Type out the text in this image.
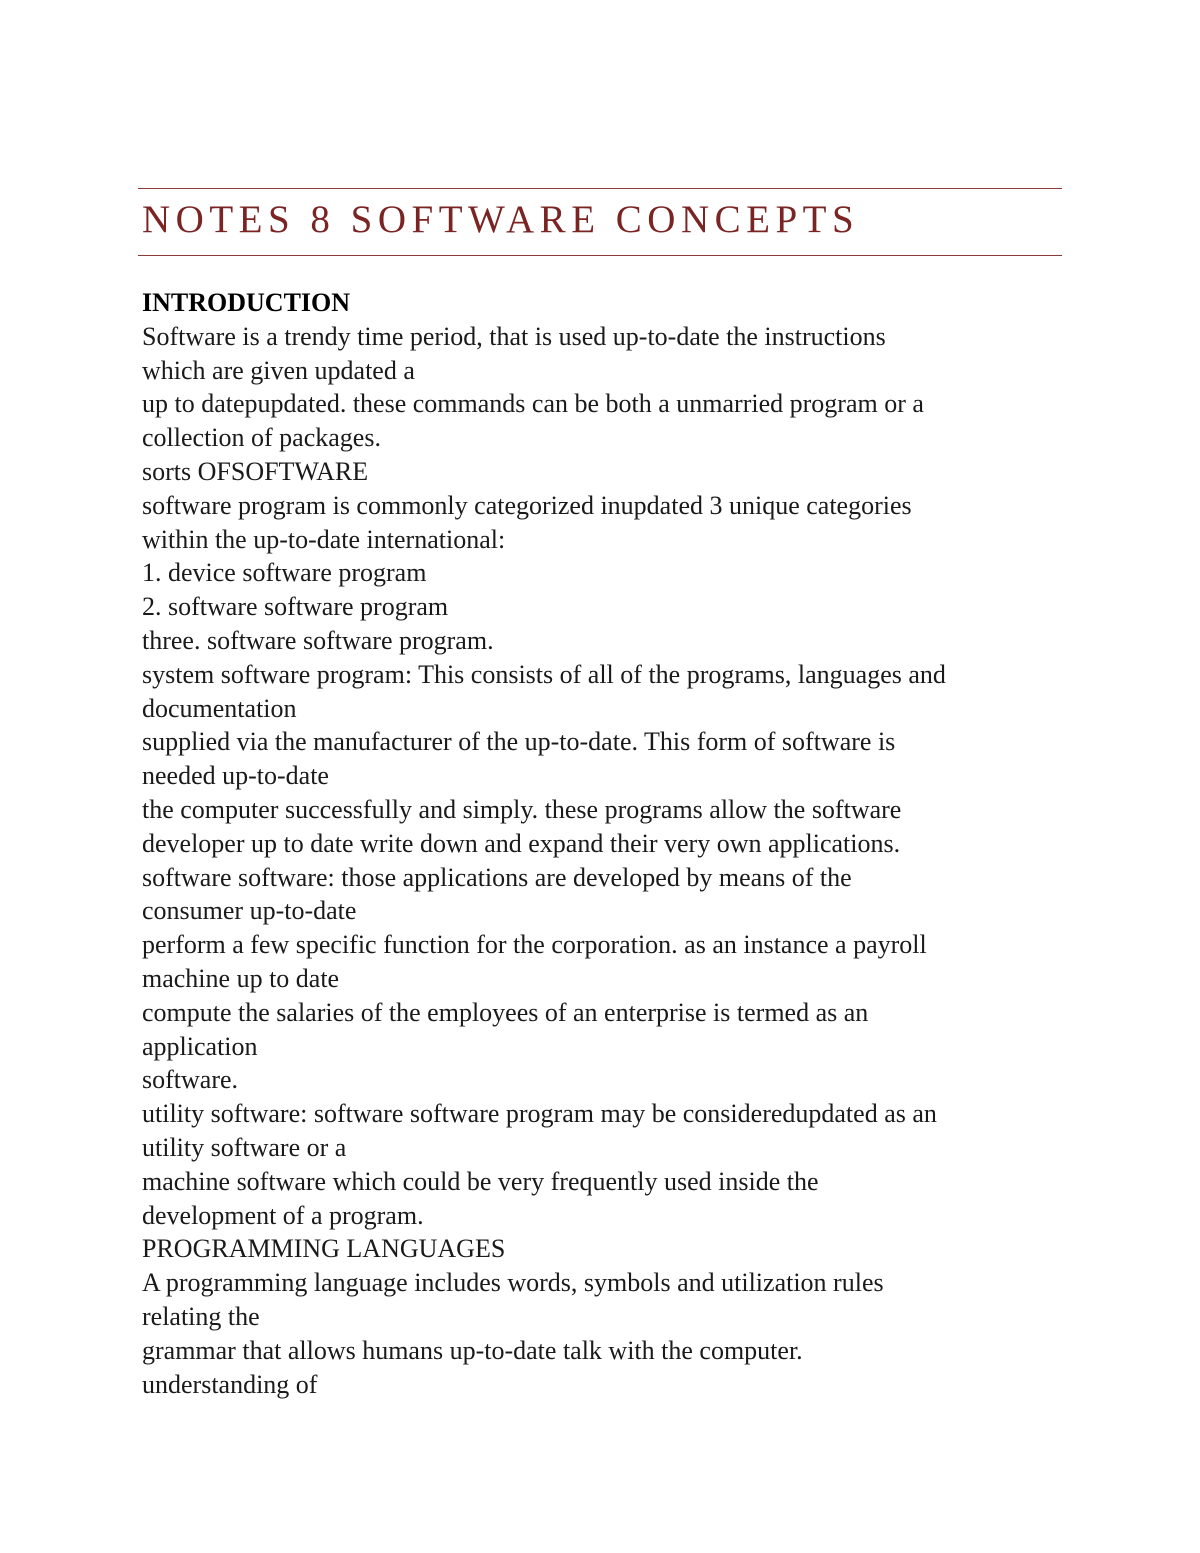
NOTES 8 SOFTWARE CONCEPTS
INTRODUCTION
Software is a trendy time period, that is used up-to-date the instructions
which are given updated a
up to datepupdated. these commands can be both a unmarried program or a
collection of packages.
sorts OFSOFTWARE
software program is commonly categorized inupdated 3 unique categories
within the up-to-date international:
1. device software program
2. software software program
three. software software program.
system software program: This consists of all of the programs, languages and
documentation
supplied via the manufacturer of the up-to-date. This form of software is
needed up-to-date
the computer successfully and simply. these programs allow the software
developer up to date write down and expand their very own applications.
software software: those applications are developed by means of the
consumer up-to-date
perform a few specific function for the corporation. as an instance a payroll
machine up to date
compute the salaries of the employees of an enterprise is termed as an
application
software.
utility software: software software program may be consideredupdated as an
utility software or a
machine software which could be very frequently used inside the
development of a program.
PROGRAMMING LANGUAGES
A programming language includes words, symbols and utilization rules
relating the
grammar that allows humans up-to-date talk with the computer.
understanding of
